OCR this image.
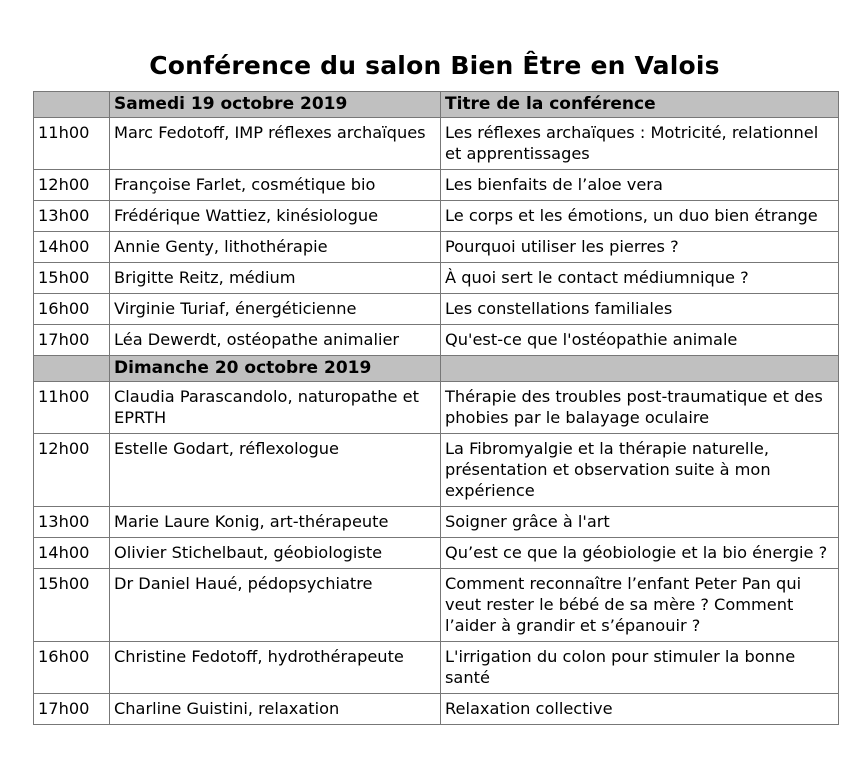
Conférence du salon Bien Être en Valois
	Samedi 19 octobre 2019	Titre de la conférence
11h00	Marc Fedotoff, IMP réflexes archaïques	Les réflexes archaïques : Motricité, relationnel et apprentissages
12h00	Françoise Farlet, cosmétique bio	Les bienfaits de l’aloe vera
13h00	Frédérique Wattiez, kinésiologue	Le corps et les émotions, un duo bien étrange
14h00	Annie Genty, lithothérapie	Pourquoi utiliser les pierres ?
15h00	Brigitte Reitz, médium	À quoi sert le contact médiumnique ?
16h00	Virginie Turiaf, énergéticienne	Les constellations familiales
17h00	Léa Dewerdt, ostéopathe animalier	Qu'est-ce que l'ostéopathie animale
	Dimanche 20 octobre 2019	
11h00	Claudia Parascandolo, naturopathe et EPRTH	Thérapie des troubles post-traumatique et des phobies par le balayage oculaire
12h00	Estelle Godart, réflexologue	La Fibromyalgie et la thérapie naturelle, présentation et observation suite à mon expérience
13h00	Marie Laure Konig, art-thérapeute	Soigner grâce à l'art
14h00	Olivier Stichelbaut, géobiologiste	Qu’est ce que la géobiologie et la bio énergie ?
15h00	Dr Daniel Haué, pédopsychiatre	Comment reconnaître l’enfant Peter Pan qui veut rester le bébé de sa mère ? Comment l’aider à grandir et s’épanouir ?
16h00	Christine Fedotoff, hydrothérapeute	L'irrigation du colon pour stimuler la bonne santé
17h00	Charline Guistini, relaxation	Relaxation collective
